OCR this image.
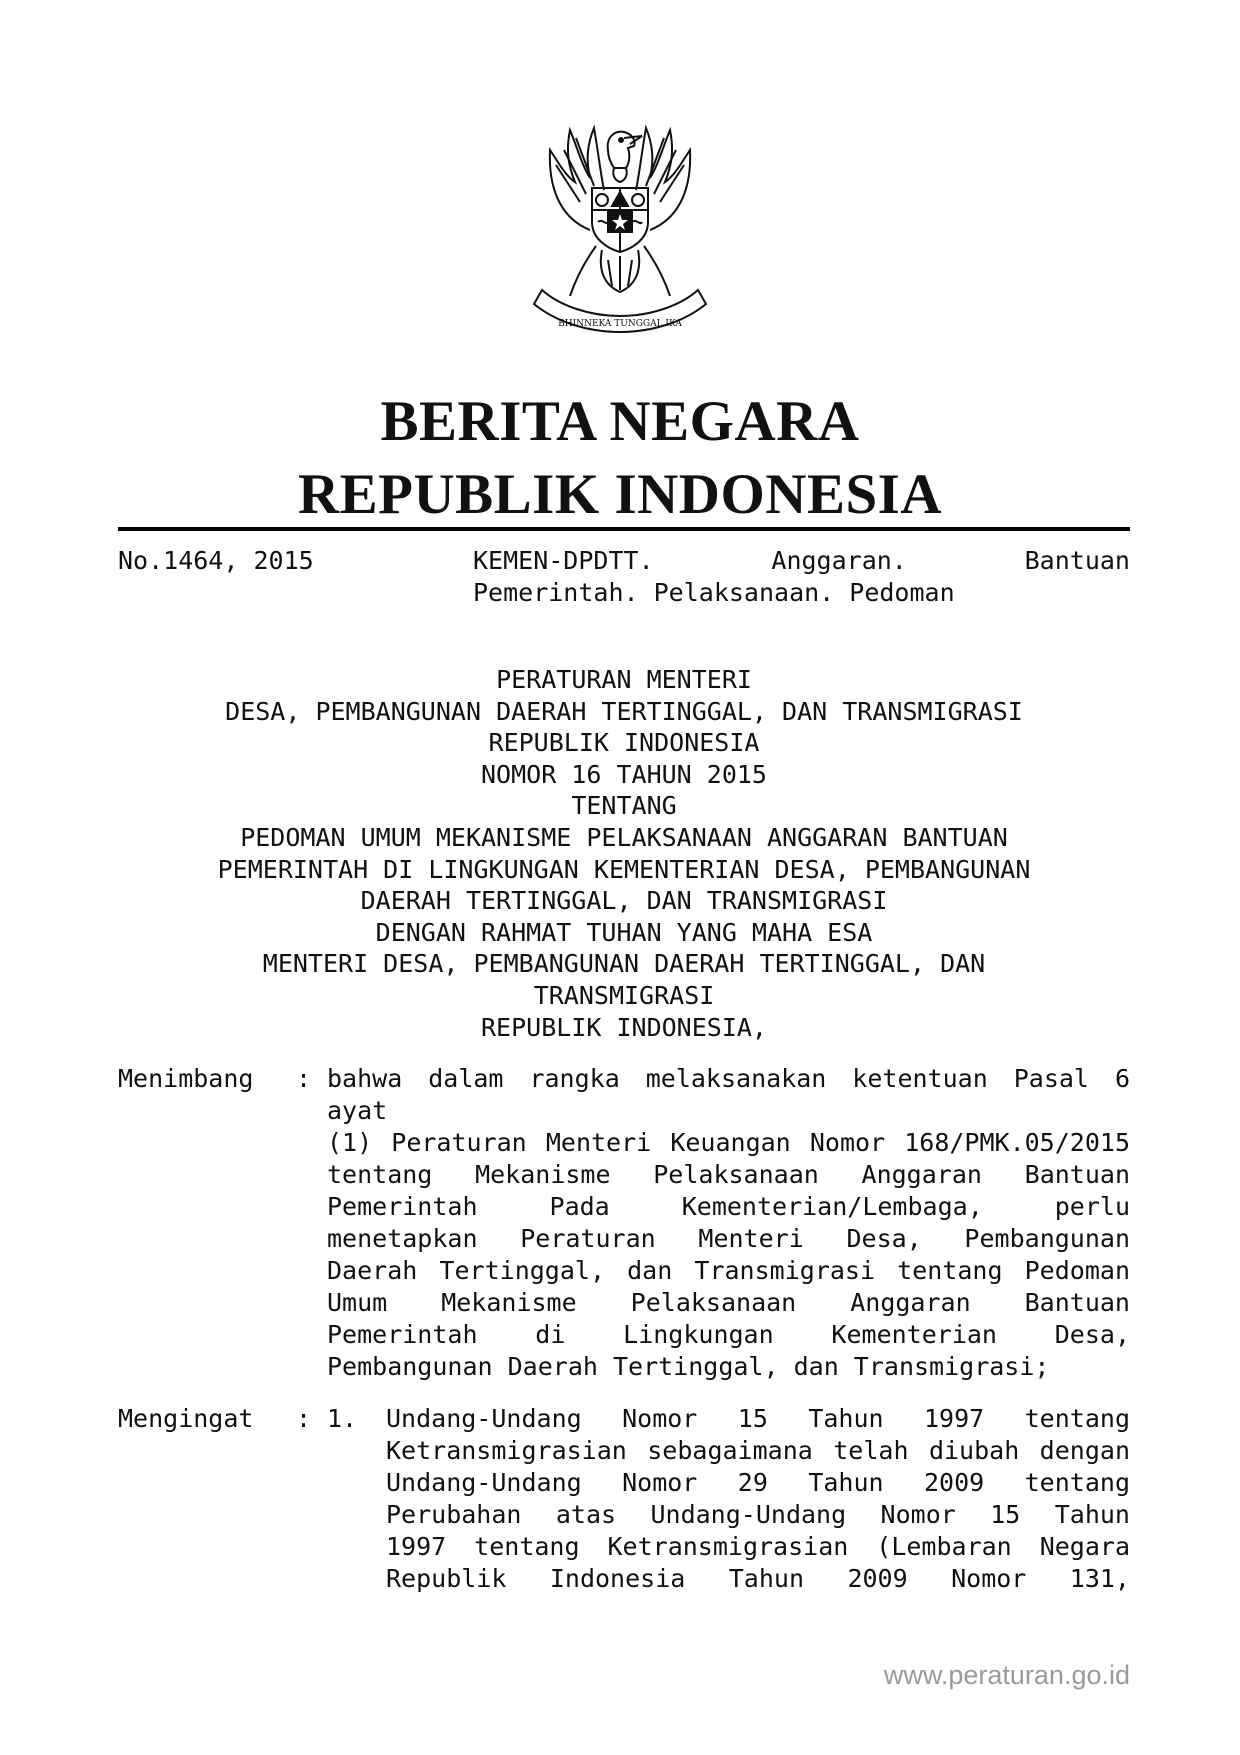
BHINNEKA TUNGGAL IKA
BERITA NEGARA
REPUBLIK INDONESIA
No.1464, 2015	KEMEN-DPDTT.	Anggaran.	Bantuan
Pemerintah. Pelaksanaan. Pedoman
PERATURAN MENTERI
DESA, PEMBANGUNAN DAERAH TERTINGGAL, DAN TRANSMIGRASI
REPUBLIK INDONESIA
NOMOR 16 TAHUN 2015
TENTANG
PEDOMAN UMUM MEKANISME PELAKSANAAN ANGGARAN BANTUAN
PEMERINTAH DI LINGKUNGAN KEMENTERIAN DESA, PEMBANGUNAN
DAERAH TERTINGGAL, DAN TRANSMIGRASI
DENGAN RAHMAT TUHAN YANG MAHA ESA
MENTERI DESA, PEMBANGUNAN DAERAH TERTINGGAL, DAN
TRANSMIGRASI
REPUBLIK INDONESIA,
Menimbang : bahwa dalam rangka melaksanakan ketentuan Pasal 6 ayat
(1) Peraturan Menteri Keuangan Nomor 168/PMK.05/2015
tentang Mekanisme Pelaksanaan Anggaran Bantuan
Pemerintah Pada Kementerian/Lembaga, perlu
menetapkan Peraturan Menteri Desa, Pembangunan
Daerah Tertinggal, dan Transmigrasi tentang Pedoman
Umum Mekanisme Pelaksanaan Anggaran Bantuan
Pemerintah di Lingkungan Kementerian Desa,
Pembangunan Daerah Tertinggal, dan Transmigrasi;
Mengingat : 1. Undang-Undang Nomor 15 Tahun 1997 tentang
Ketransmigrasian sebagaimana telah diubah dengan
Undang-Undang Nomor 29 Tahun 2009 tentang
Perubahan atas Undang-Undang Nomor 15 Tahun
1997 tentang Ketransmigrasian (Lembaran Negara
Republik Indonesia Tahun 2009 Nomor 131,
www.peraturan.go.id
